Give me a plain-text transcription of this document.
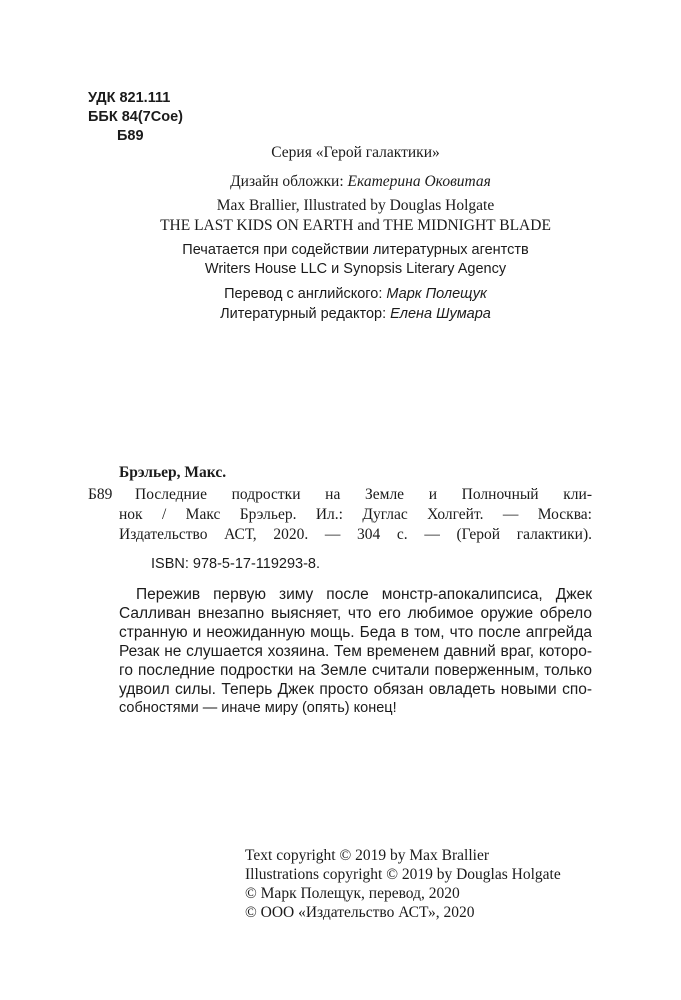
УДК 821.111
ББК 84(7Сое)
Б89
Серия «Герой галактики»
Дизайн обложки: Екатерина Оковитая
Max Brallier, Illustrated by Douglas Holgate
THE LAST KIDS ON EARTH and THE MIDNIGHT BLADE
Печатается при содействии литературных агентств
Writers House LLC и Synopsis Literary Agency
Перевод с английского: Марк Полещук
Литературный редактор: Елена Шумара
Брэльер, Макс.
Б89 Последние подростки на Земле и Полночный кли-
нок / Макс Брэльер. Ил.: Дуглас Холгейт. — Москва:
Издательство АСТ, 2020. — 304 с. — (Герой галактики).
ISBN: 978-5-17-119293-8.
Пережив первую зиму после монстр-апокалипсиса, Джек
Салливан внезапно выясняет, что его любимое оружие обрело
странную и неожиданную мощь. Беда в том, что после апгрейда
Резак не слушается хозяина. Тем временем давний враг, которо-
го последние подростки на Земле считали поверженным, только
удвоил силы. Теперь Джек просто обязан овладеть новыми спо-
собностями — иначе миру (опять) конец!
Text copyright © 2019 by Max Brallier
Illustrations copyright © 2019 by Douglas Holgate
© Марк Полещук, перевод, 2020
© ООО «Издательство АСТ», 2020
